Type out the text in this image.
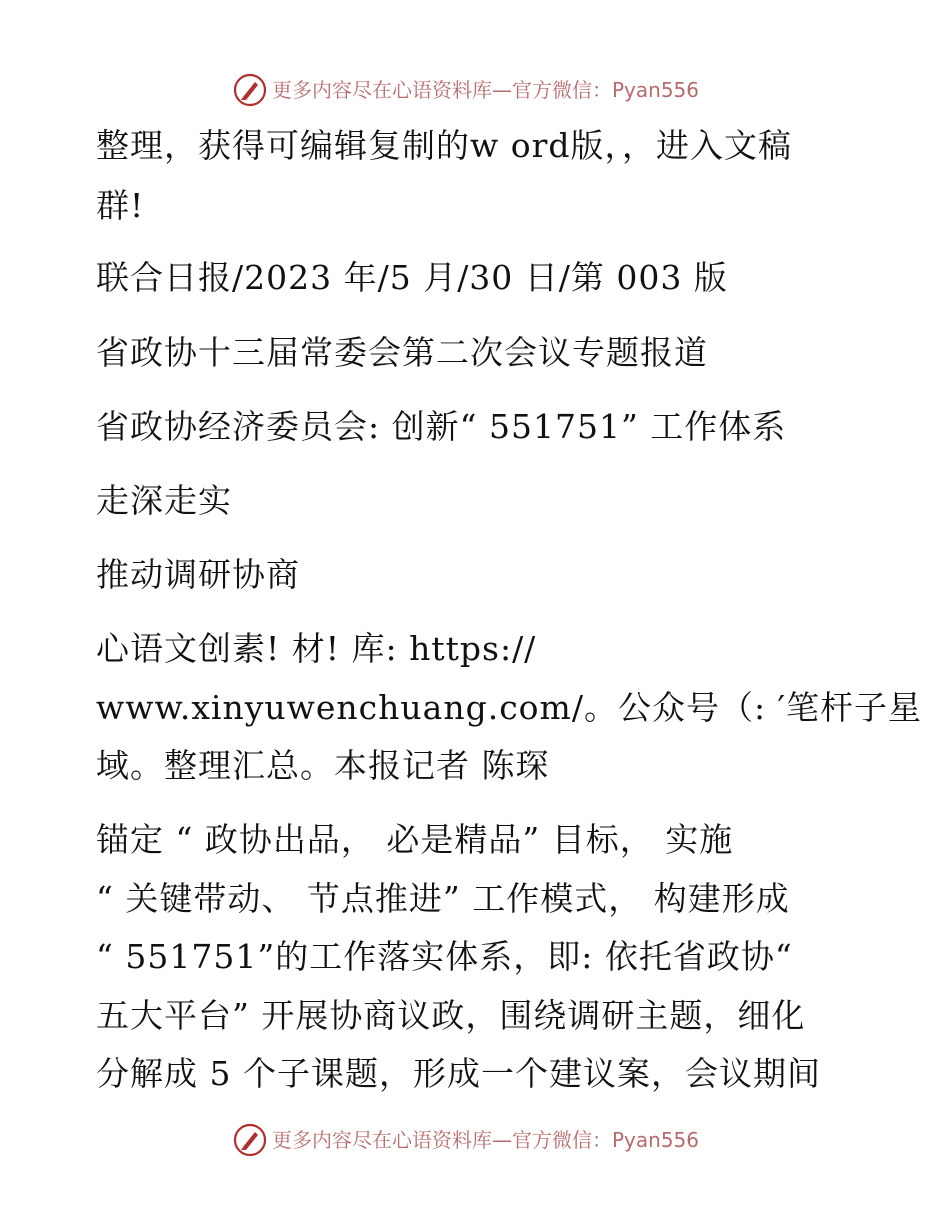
更多内容尽在心语资料库—官方微信：Pyan556
整理，获得可编辑复制的w ord版，，进入文稿
群!
联合日报/2023 年/5 月/30 日/第 003 版
省政协十三届常委会第二次会议专题报道
省政协经济委员会: 创新“ 551751” 工作体系
走深走实
推动调研协商
心语文创素! 材! 库: https://
www.xinyuwenchuang.com/。公众号（: ′笔杆子星
域。整理汇总。本报记者 陈琛
锚定 “ 政协出品， 必是精品” 目标， 实施
“ 关键带动、 节点推进” 工作模式， 构建形成
“ 551751”的工作落实体系，即: 依托省政协“
五大平台” 开展协商议政，围绕调研主题，细化
分解成 5 个子课题，形成一个建议案，会议期间
更多内容尽在心语资料库—官方微信：Pyan556
